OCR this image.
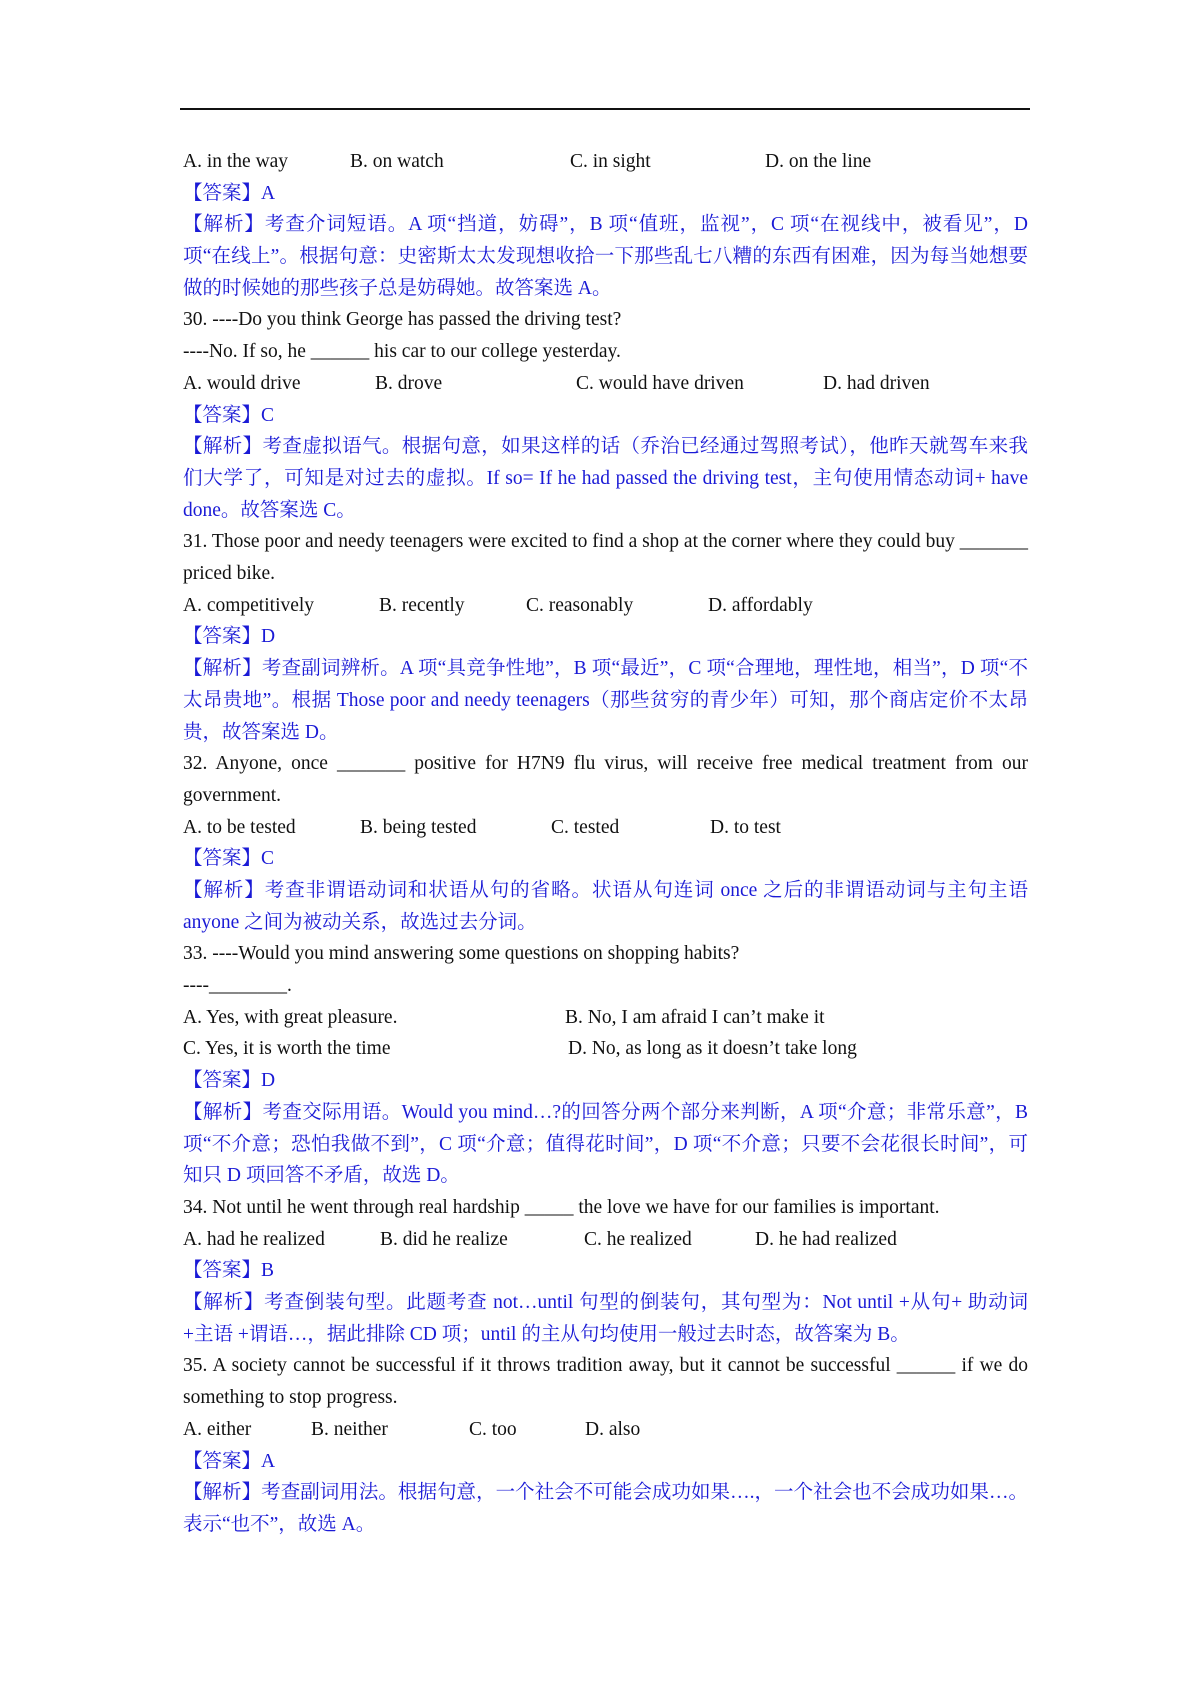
A. in the way	B. on watch	C. in sight	D. on the line
【答案】A
【解析】考查介词短语。A 项“挡道，妨碍”，B 项“值班，监视”，C 项“在视线中，被看见”，D 项“在线上”。根据句意：史密斯太太发现想收拾一下那些乱七八糟的东西有困难，因为每当她想要做的时候她的那些孩子总是妨碍她。故答案选 A。
30. ----Do you think George has passed the driving test?
----No. If so, he ______ his car to our college yesterday.
A. would drive	B. drove	C. would have driven	D. had driven
【答案】C
【解析】考查虚拟语气。根据句意，如果这样的话（乔治已经通过驾照考试），他昨天就驾车来我们大学了，可知是对过去的虚拟。If so= If he had passed the driving test，主句使用情态动词+ have done。故答案选 C。
31. Those poor and needy teenagers were excited to find a shop at the corner where they could buy _______ priced bike.
A. competitively	B. recently	C. reasonably	D. affordably
【答案】D
【解析】考查副词辨析。A 项“具竞争性地”，B 项“最近”，C 项“合理地，理性地，相当”，D 项“不太昂贵地”。根据 Those poor and needy teenagers（那些贫穷的青少年）可知，那个商店定价不太昂贵，故答案选 D。
32. Anyone, once _______ positive for H7N9 flu virus, will receive free medical treatment from our government.
A. to be tested	B. being tested	C. tested	D. to test
【答案】C
【解析】考查非谓语动词和状语从句的省略。状语从句连词 once 之后的非谓语动词与主句主语 anyone 之间为被动关系，故选过去分词。
33. ----Would you mind answering some questions on shopping habits?
----________.
A. Yes, with great pleasure.	B. No, I am afraid I can’t make it
C. Yes, it is worth the time	D. No, as long as it doesn’t take long
【答案】D
【解析】考查交际用语。Would you mind…?的回答分两个部分来判断，A 项“介意；非常乐意”，B 项“不介意；恐怕我做不到”，C 项“介意；值得花时间”，D 项“不介意；只要不会花很长时间”，可知只 D 项回答不矛盾，故选 D。
34. Not until he went through real hardship _____ the love we have for our families is important.
A. had he realized	B. did he realize	C. he realized	D. he had realized
【答案】B
【解析】考查倒装句型。此题考查 not…until 句型的倒装句，其句型为：Not until +从句+ 助动词+主语 +谓语…，据此排除 CD 项；until 的主从句均使用一般过去时态，故答案为 B。
35. A society cannot be successful if it throws tradition away, but it cannot be successful ______ if we do something to stop progress.
A. either	B. neither	C. too	D. also
【答案】A
【解析】考查副词用法。根据句意，一个社会不可能会成功如果….，一个社会也不会成功如果…。表示“也不”，故选 A。
